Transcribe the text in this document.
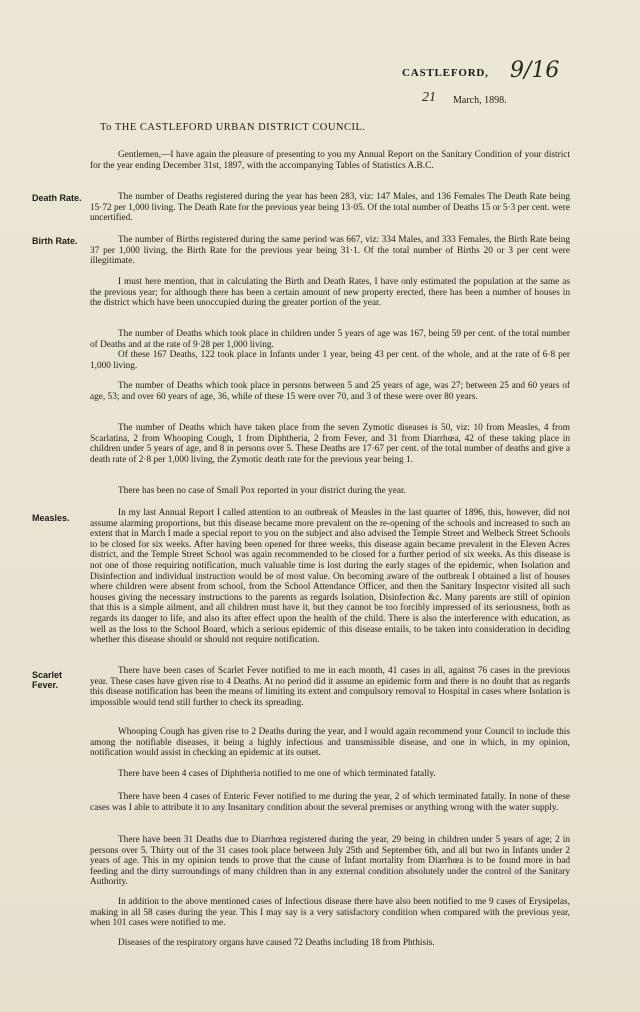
CASTLEFORD, 9/16
21 March, 1898.
To THE CASTLEFORD URBAN DISTRICT COUNCIL.

Gentlemen,—I have again the pleasure of presenting to you my Annual Report on the Sanitary Condition of your district for the year ending December 31st, 1897, with the accompanying Tables of Statistics A.B.C.

Death Rate.	The number of Deaths registered during the year has been 283, viz: 147 Males, and 136 Females The Death Rate being 15·72 per 1,000 living. The Death Rate for the previous year being 13·05. Of the total number of Deaths 15 or 5·3 per cent. were uncertified.

Birth Rate.	The number of Births registered during the same period was 667, viz: 334 Males, and 333 Females, the Birth Rate being 37 per 1,000 living, the Birth Rate for the previous year being 31·1. Of the total number of Births 20 or 3 per cent were illegitimate.

I must here mention, that in calculating the Birth and Death Rates, I have only estimated the population at the same as the previous year; for although there has been a certain amount of new property erected, there has been a number of houses in the district which have been unoccupied during the greater portion of the year.

The number of Deaths which took place in children under 5 years of age was 167, being 59 per cent. of the total number of Deaths and at the rate of 9·28 per 1,000 living.

Of these 167 Deaths, 122 took place in Infants under 1 year, being 43 per cent. of the whole, and at the rate of 6·8 per 1,000 living.

The number of Deaths which took place in persons between 5 and 25 years of age, was 27; between 25 and 60 years of age, 53; and over 60 years of age, 36, while of these 15 were over 70, and 3 of these were over 80 years.

The number of Deaths which have taken place from the seven Zymotic diseases is 50, viz: 10 from Measles, 4 from Scarlatina, 2 from Whooping Cough, 1 from Diphtheria, 2 from Fever, and 31 from Diarrhœa, 42 of these taking place in children under 5 years of age, and 8 in persons over 5. These Deaths are 17·67 per cent. of the total number of deaths and give a death rate of 2·8 per 1,000 living, the Zymotic death rate for the previous year being 1.

There has been no case of Small Pox reported in your district during the year.

Measles.	In my last Annual Report I called attention to an outbreak of Measles in the last quarter of 1896, this, however, did not assume alarming proportions, but this disease became more prevalent on the re-opening of the schools and increased to such an extent that in March I made a special report to you on the subject and also advised the Temple Street and Welbeck Street Schools to be closed for six weeks. After having been opened for three weeks, this disease again became prevalent in the Eleven Acres district, and the Temple Street School was again recommended to be closed for a further period of six weeks. As this disease is not one of those requiring notification, much valuable time is lost during the early stages of the epidemic, when Isolation and Disinfection and individual instruction would be of most value. On becoming aware of the outbreak I obtained a list of houses where children were absent from school, from the School Attendance Officer, and then the Sanitary Inspector visited all such houses giving the necessary instructions to the parents as regards Isolation, Disinfection &c. Many parents are still of opinion that this is a simple ailment, and all children must have it, but they cannot be too forcibly impressed of its seriousness, both as regards its danger to life, and also its after effect upon the health of the child. There is also the interference with education, as well as the loss to the School Board, which a serious epidemic of this disease entails, to be taken into consideration in deciding whether this disease should or should not require notification.

Scarlet
Fever.

There have been cases of Scarlet Fever notified to me in each month, 41 cases in all, against 76 cases in the previous year. These cases have given rise to 4 Deaths. At no period did it assume an epidemic form and there is no doubt that as regards this disease notification has been the means of limiting its extent and compulsory removal to Hospital in cases where Isolation is impossible would tend still further to check its spreading.

Whooping Cough has given rise to 2 Deaths during the year, and I would again recommend your Council to include this among the notifiable diseases, it being a highly infectious and transmissible disease, and one in which, in my opinion, notification would assist in checking an epidemic at its outset.

There have been 4 cases of Diphtheria notified to me one of which terminated fatally.

There have been 4 cases of Enteric Fever notified to me during the year, 2 of which terminated fatally. In none of these cases was I able to attribute it to any Insanitary condition about the several premises or anything wrong with the water supply.

There have been 31 Deaths due to Diarrhœa registered during the year, 29 being in children under 5 years of age; 2 in persons over 5. Thirty out of the 31 cases took place between July 25th and September 6th, and all but two in Infants under 2 years of age. This in my opinion tends to prove that the cause of Infant mortality from Diarrhœa is to be found more in bad feeding and the dirty surroundings of many children than in any external condition absolutely under the control of the Sanitary Authority.

In addition to the above mentioned cases of Infectious disease there have also been notified to me 9 cases of Erysipelas, making in all 58 cases during the year. This I may say is a very satisfactory condition when compared with the previous year, when 101 cases were notified to me.

Diseases of the respiratory organs have caused 72 Deaths including 18 from Phthisis.
